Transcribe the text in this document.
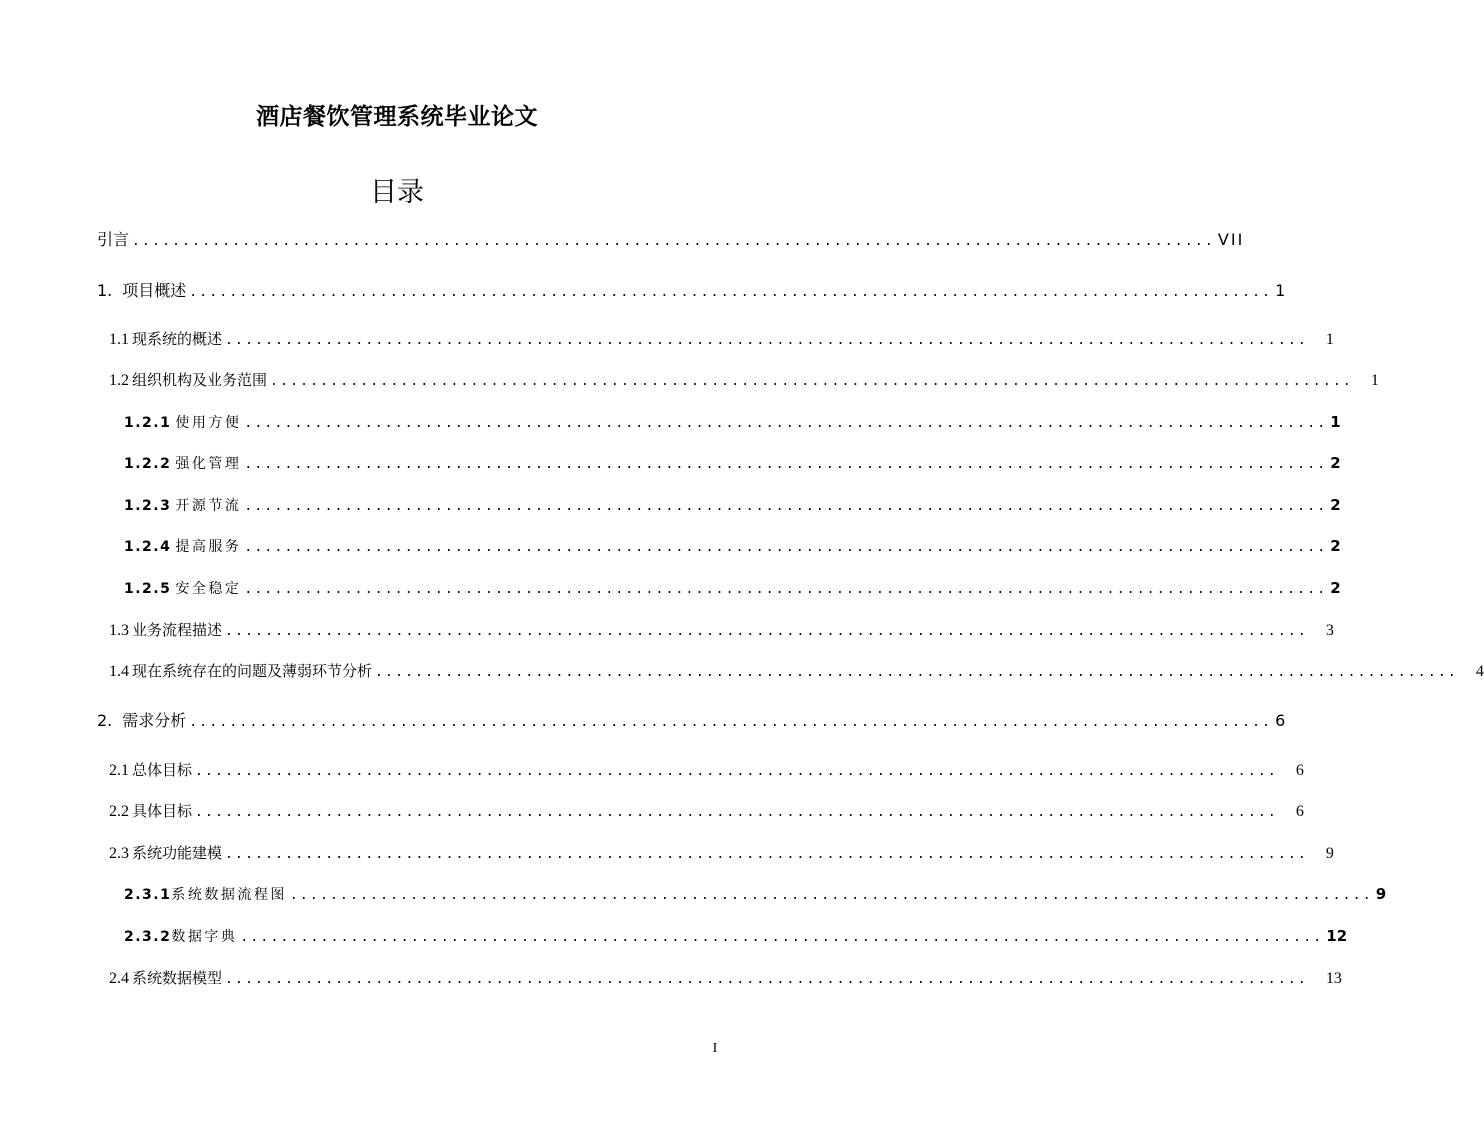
酒店餐饮管理系统毕业论文
目录
引言 ............................................................................................................ VII
1. 项目概述 ............................................................................................................ 1
1.1 现系统的概述 ............................................................................................................ 1
1.2 组织机构及业务范围 ............................................................................................................ 1
1.2.1 使用方便 ............................................................................................................ 1
1.2.2 强化管理 ............................................................................................................ 2
1.2.3 开源节流 ............................................................................................................ 2
1.2.4 提高服务 ............................................................................................................ 2
1.2.5 安全稳定 ............................................................................................................ 2
1.3 业务流程描述 ............................................................................................................ 3
1.4 现在系统存在的问题及薄弱环节分析 ............................................................................................................ 4
2. 需求分析 ............................................................................................................ 6
2.1 总体目标 ............................................................................................................ 6
2.2 具体目标 ............................................................................................................ 6
2.3 系统功能建模 ............................................................................................................ 9
2.3.1系统数据流程图 ............................................................................................................ 9
2.3.2数据字典 ............................................................................................................ 12
2.4 系统数据模型 ............................................................................................................ 13
I
